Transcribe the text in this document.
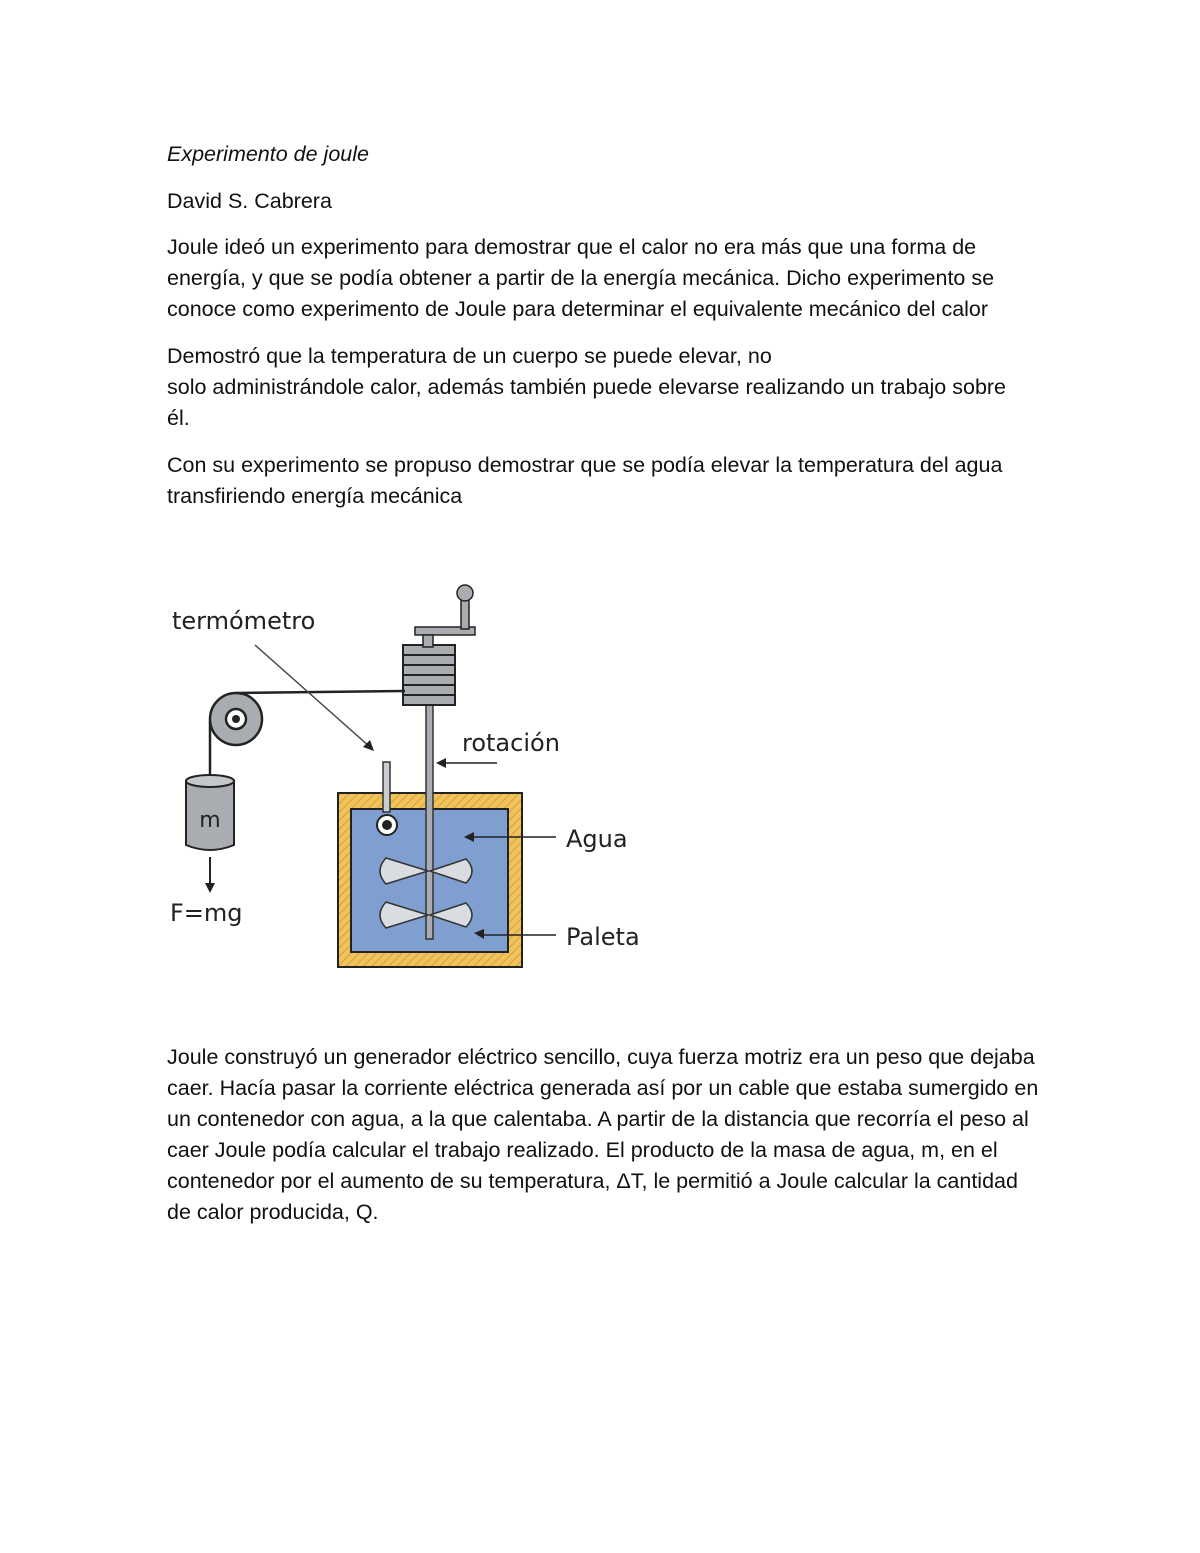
Experimento de joule
David S. Cabrera
Joule ideó un experimento para demostrar que el calor no era más que una forma de
energía, y que se podía obtener a partir de la energía mecánica. Dicho experimento se
conoce como experimento de Joule para determinar el equivalente mecánico del calor
Demostró que la temperatura de un cuerpo se puede elevar, no
solo administrándole calor, además también puede elevarse realizando un trabajo sobre
él.
Con su experimento se propuso demostrar que se podía elevar la temperatura del agua
transfiriendo energía mecánica
m
F=mg
termómetro
rotación
Agua
Paleta
Joule construyó un generador eléctrico sencillo, cuya fuerza motriz era un peso que dejaba
caer. Hacía pasar la corriente eléctrica generada así por un cable que estaba sumergido en
un contenedor con agua, a la que calentaba. A partir de la distancia que recorría el peso al
caer Joule podía calcular el trabajo realizado. El producto de la masa de agua, m, en el
contenedor por el aumento de su temperatura, ΔT, le permitió a Joule calcular la cantidad
de calor producida, Q.
